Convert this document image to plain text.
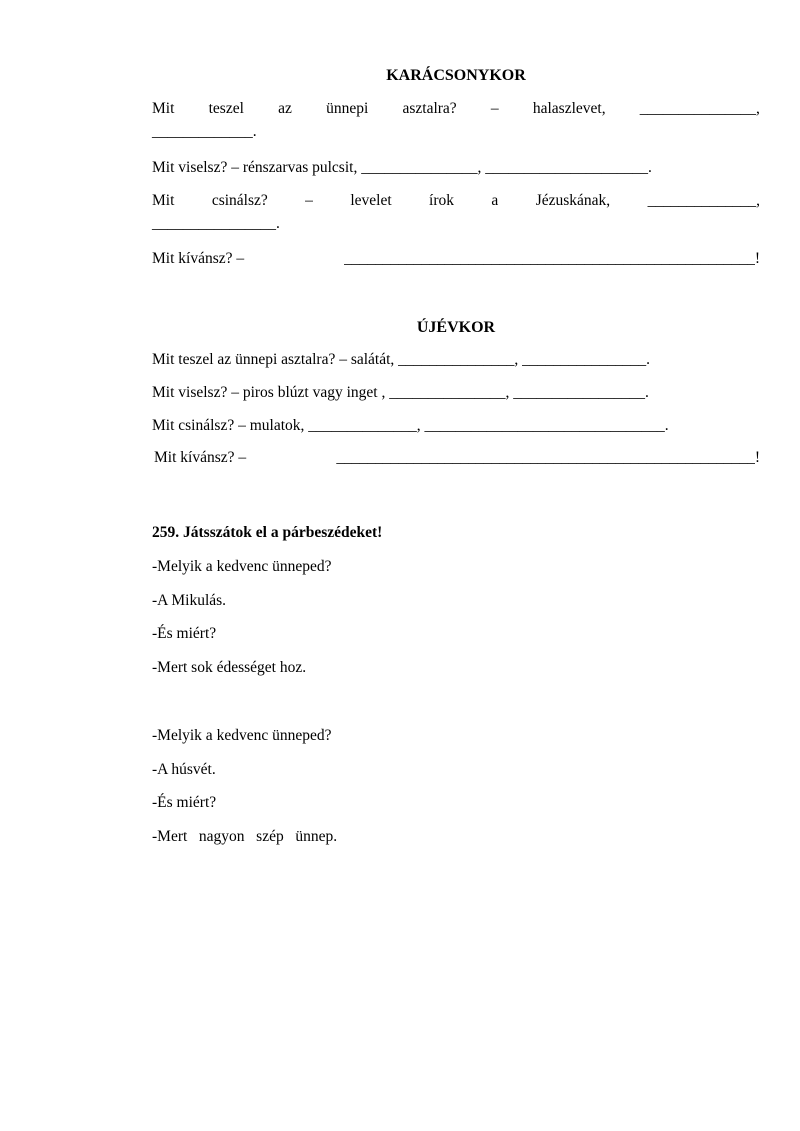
KARÁCSONYKOR
Mit teszel az ünnepi asztalra? – halaszlevet, _______________,

_____________.

Mit viselsz? – rénszarvas pulcsit, _______________, _____________________.

Mit csinálsz? – levelet írok a Jézuskának, ______________,

________________.

Mit kívánsz? –	_____________________________________________________!
ÚJÉVKOR

Mit teszel az ünnepi asztalra? – salátát, _______________, ________________.

Mit viselsz? – piros blúzt vagy inget , _______________, _________________.

Mit csinálsz? – mulatok, ______________, _______________________________.

Mit kívánsz? –	______________________________________________________!

259. Játsszátok el a párbeszédeket!

-Melyik a kedvenc ünneped?

-A Mikulás.

-És miért?

-Mert sok édességet hoz.

-Melyik a kedvenc ünneped?

-A húsvét.

-És miért?

-Mert   nagyon   szép   ünnep.
